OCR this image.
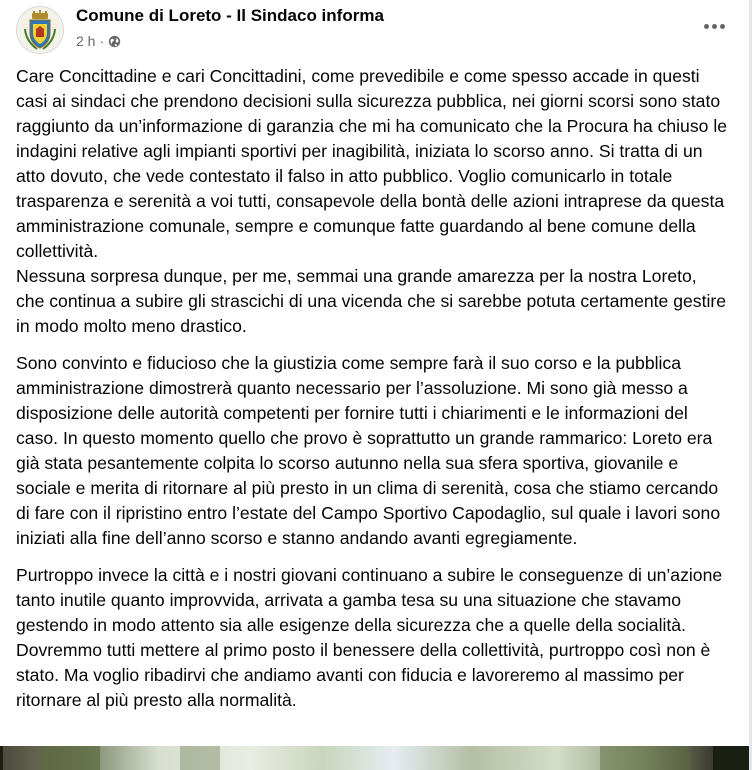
Comune di Loreto - Il Sindaco informa
2 h ·

Care Concittadine e cari Concittadini, come prevedibile e come spesso accade in questi casi ai sindaci che prendono decisioni sulla sicurezza pubblica, nei giorni scorsi sono stato raggiunto da un’informazione di garanzia che mi ha comunicato che la Procura ha chiuso le indagini relative agli impianti sportivi per inagibilità, iniziata lo scorso anno. Si tratta di un atto dovuto, che vede contestato il falso in atto pubblico. Voglio comunicarlo in totale trasparenza e serenità a voi tutti, consapevole della bontà delle azioni intraprese da questa amministrazione comunale, sempre e comunque fatte guardando al bene comune della collettività.
Nessuna sorpresa dunque, per me, semmai una grande amarezza per la nostra Loreto, che continua a subire gli strascichi di una vicenda che si sarebbe potuta certamente gestire in modo molto meno drastico.

Sono convinto e fiducioso che la giustizia come sempre farà il suo corso e la pubblica amministrazione dimostrerà quanto necessario per l’assoluzione. Mi sono già messo a disposizione delle autorità competenti per fornire tutti i chiarimenti e le informazioni del caso. In questo momento quello che provo è soprattutto un grande rammarico: Loreto era già stata pesantemente colpita lo scorso autunno nella sua sfera sportiva, giovanile e sociale e merita di ritornare al più presto in un clima di serenità, cosa che stiamo cercando di fare con il ripristino entro l’estate del Campo Sportivo Capodaglio, sul quale i lavori sono iniziati alla fine dell’anno scorso e stanno andando avanti egregiamente.

Purtroppo invece la città e i nostri giovani continuano a subire le conseguenze di un’azione tanto inutile quanto improvvida, arrivata a gamba tesa su una situazione che stavamo gestendo in modo attento sia alle esigenze della sicurezza che a quelle della socialità. Dovremmo tutti mettere al primo posto il benessere della collettività, purtroppo così non è stato. Ma voglio ribadirvi che andiamo avanti con fiducia e lavoreremo al massimo per ritornare al più presto alla normalità.
